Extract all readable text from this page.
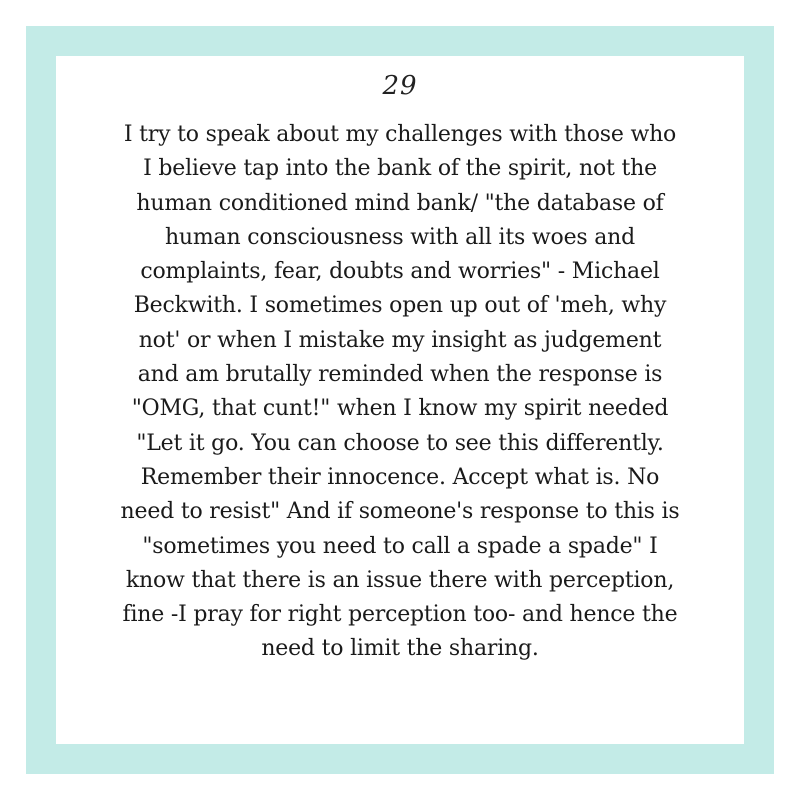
29

I try to speak about my challenges with those who
I believe tap into the bank of the spirit, not the
human conditioned mind bank/ "the database of
human consciousness with all its woes and
complaints, fear, doubts and worries" - Michael
Beckwith. I sometimes open up out of 'meh, why
not' or when I mistake my insight as judgement
and am brutally reminded when the response is
"OMG, that cunt!" when I know my spirit needed
"Let it go. You can choose to see this differently.
Remember their innocence. Accept what is. No
need to resist" And if someone's response to this is
"sometimes you need to call a spade a spade" I
know that there is an issue there with perception,
fine -I pray for right perception too- and hence the
need to limit the sharing.
